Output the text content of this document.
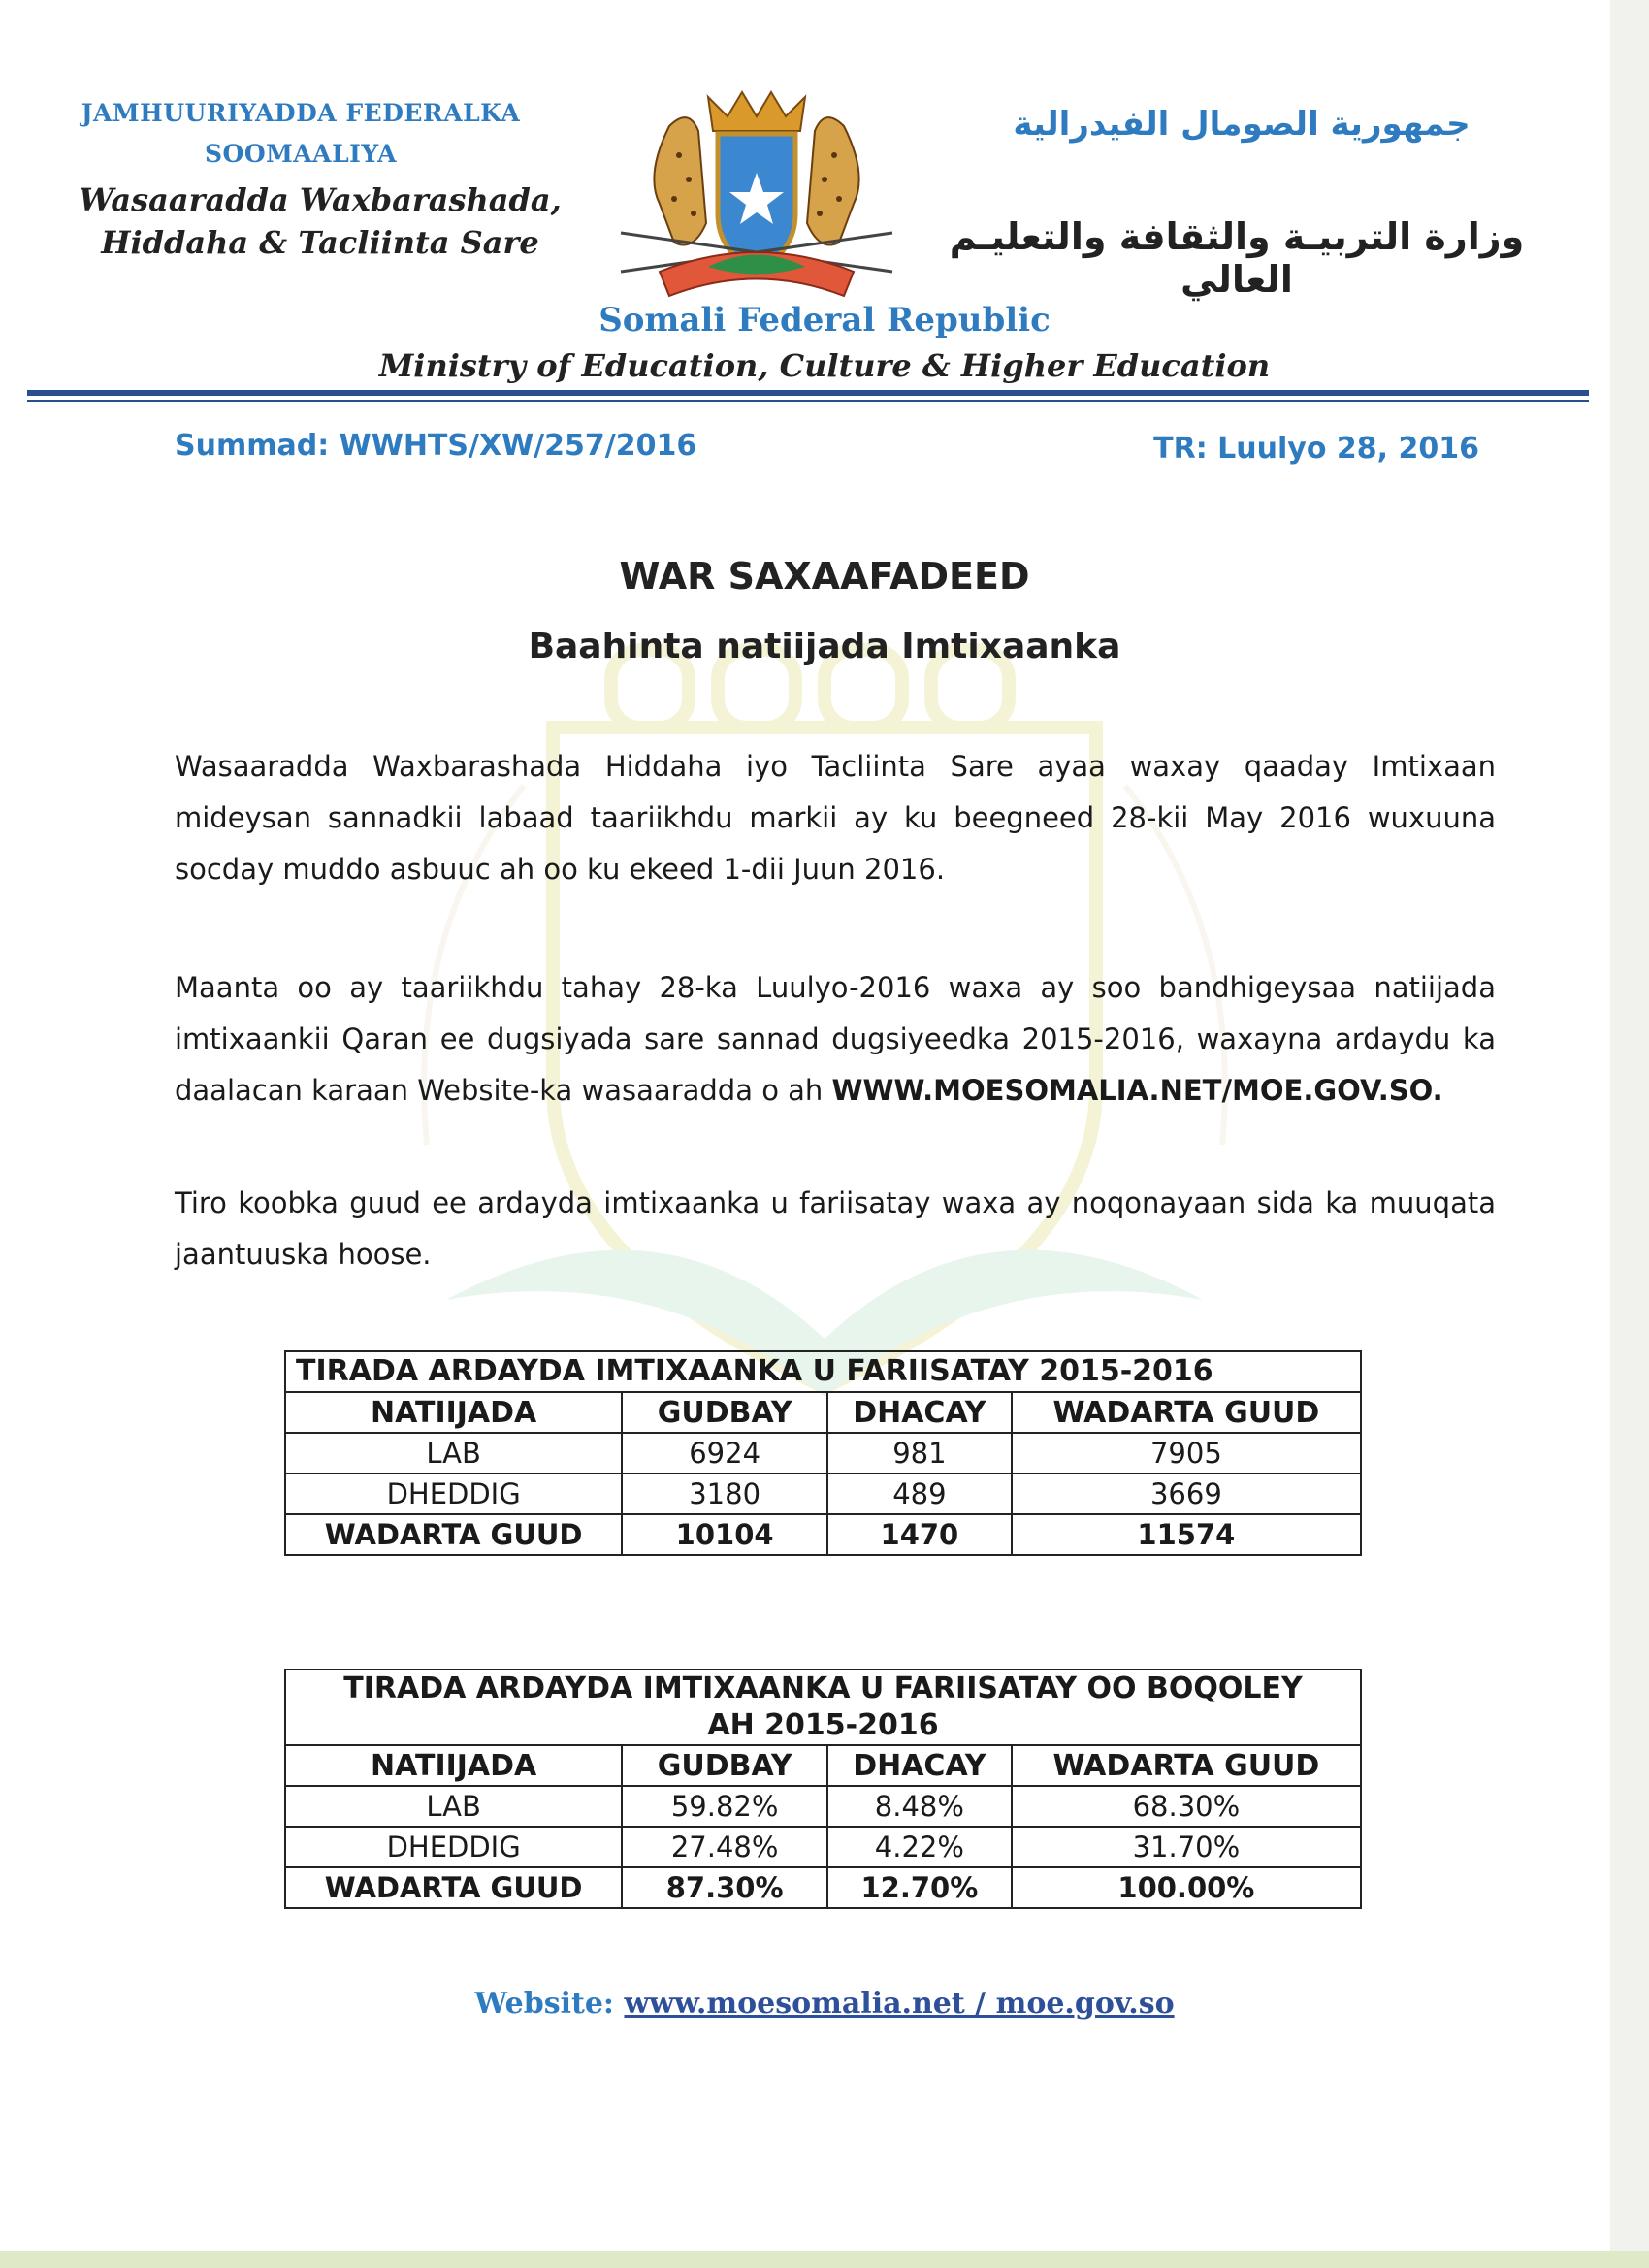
JAMHUURIYADDA FEDERALKA
SOOMAALIYA
Wasaaradda Waxbarashada,
Hiddaha & Tacliinta Sare
جمهورية الصومال الفيدرالية
وزارة التربيـة والثقافة والتعليـم العالي
Somali Federal Republic
Ministry of Education, Culture & Higher Education
Summad: WWHTS/XW/257/2016	TR: Luulyo 28, 2016
WAR SAXAAFADEED
Baahinta natiijada Imtixaanka
Wasaaradda Waxbarashada Hiddaha iyo Tacliinta Sare ayaa waxay qaaday Imtixaan mideysan sannadkii labaad taariikhdu markii ay ku beegneed 28-kii May 2016 wuxuuna socday muddo asbuuc ah oo ku ekeed 1-dii Juun 2016.
Maanta oo ay taariikhdu tahay 28-ka Luulyo-2016 waxa ay soo bandhigeysaa natiijada imtixaankii Qaran ee dugsiyada sare sannad dugsiyeedka 2015-2016, waxayna ardaydu ka daalacan karaan Website-ka wasaaradda o ah WWW.MOESOMALIA.NET/MOE.GOV.SO.
Tiro koobka guud ee ardayda imtixaanka u fariisatay waxa ay noqonayaan sida ka muuqata jaantuuska hoose.
TIRADA ARDAYDA IMTIXAANKA U FARIISATAY 2015-2016			
NATIIJADA	GUDBAY	DHACAY	WADARTA GUUD
LAB	6924	981	7905
DHEDDIG	3180	489	3669
WADARTA GUUD	10104	1470	11574
TIRADA ARDAYDA IMTIXAANKA U FARIISATAY OO BOQOLEY
AH 2015-2016			

NATIIJADA	GUDBAY	DHACAY	WADARTA GUUD
LAB	59.82%	8.48%	68.30%
DHEDDIG	27.48%	4.22%	31.70%
WADARTA GUUD	87.30%	12.70%	100.00%
Website: www.moesomalia.net / moe.gov.so
